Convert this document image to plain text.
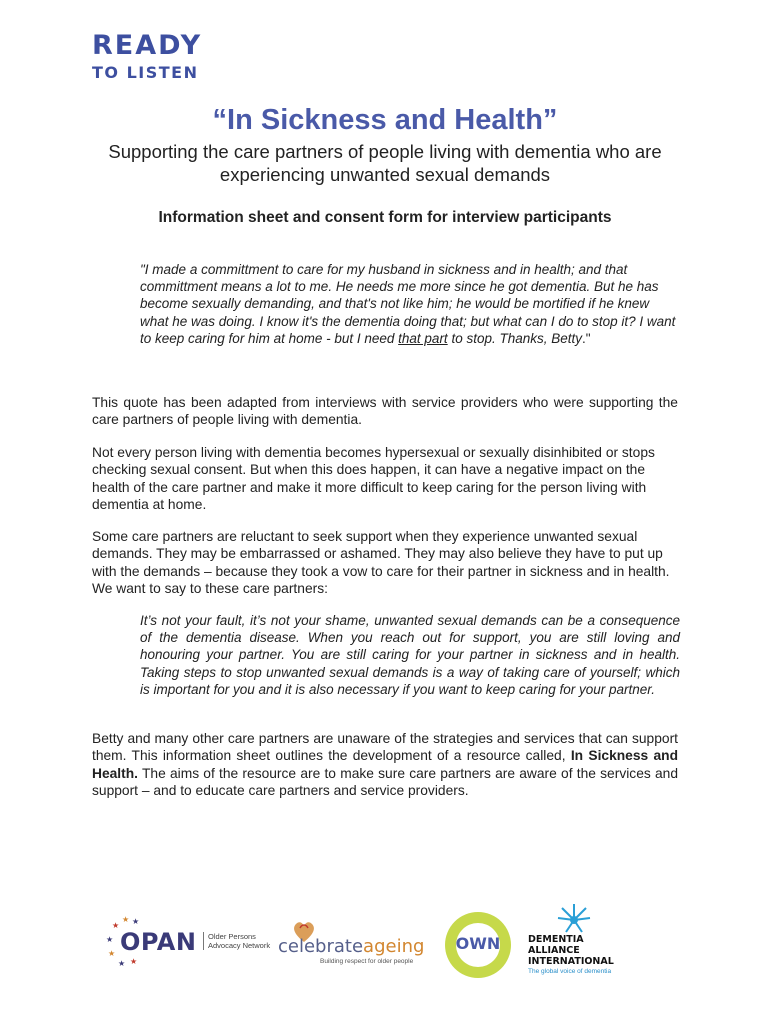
READY
TO LISTEN
“In Sickness and Health”
Supporting the care partners of people living with dementia who are experiencing unwanted sexual demands
Information sheet and consent form for interview participants
"I made a committment to care for my husband in sickness and in health; and that committment means a lot to me. He needs me more since he got dementia. But he has become sexually demanding, and that's not like him; he would be mortified if he knew what he was doing. I know it's the dementia doing that; but what can I do to stop it? I want to keep caring for him at home - but I need that part to stop. Thanks, Betty."

This quote has been adapted from interviews with service providers who were supporting the care partners of people living with dementia.

Not every person living with dementia becomes hypersexual or sexually disinhibited or stops checking sexual consent. But when this does happen, it can have a negative impact on the health of the care partner and make it more difficult to keep caring for the person living with dementia at home.

Some care partners are reluctant to seek support when they experience unwanted sexual demands. They may be embarrassed or ashamed. They may also believe they have to put up with the demands – because they took a vow to care for their partner in sickness and in health. We want to say to these care partners:

It’s not your fault, it’s not your shame, unwanted sexual demands can be a consequence of the dementia disease. When you reach out for support, you are still loving and honouring your partner. You are still caring for your partner in sickness and in health. Taking steps to stop unwanted sexual demands is a way of taking care of yourself; which is important for you and it is also necessary if you want to keep caring for your partner.

Betty and many other care partners are unaware of the strategies and services that can support them. This information sheet outlines the development of a resource called, In Sickness and Health. The aims of the resource are to make sure care partners are aware of the services and support – and to educate care partners and service providers.

★ ★
★
★
★
★ ★
OPAN	Older Persons Advocacy Network celebrateageing
Building respect for older people
OWN	DEMENTIA
ALLIANCE
INTERNATIONAL
The global voice of dementia
